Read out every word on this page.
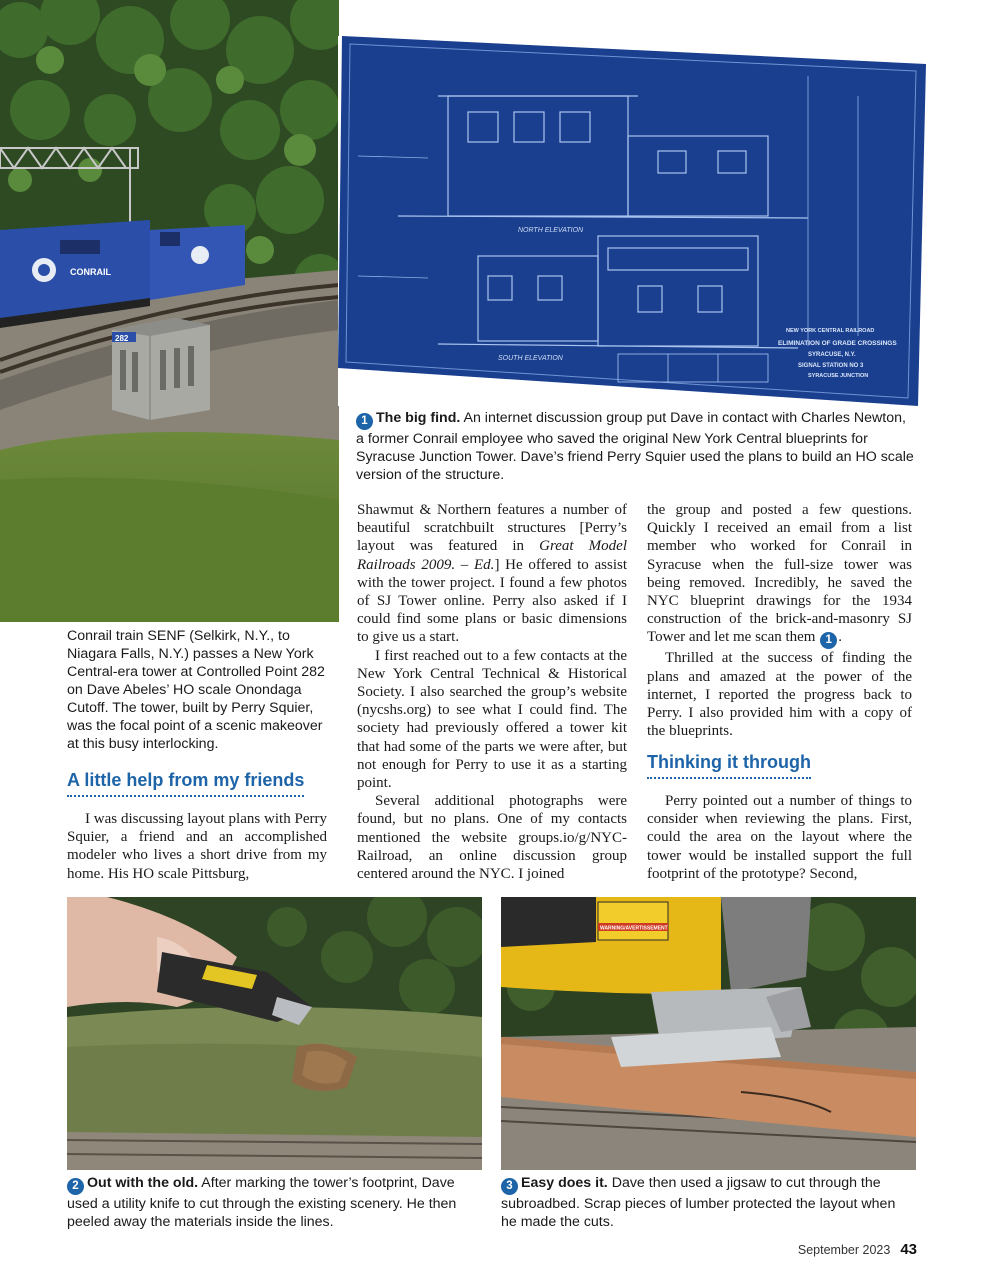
CONRAIL
282
NORTH ELEVATION
SOUTH ELEVATION
NEW YORK CENTRAL RAILROAD
ELIMINATION OF GRADE CROSSINGS
SYRACUSE, N.Y.
SIGNAL STATION NO 3
SYRACUSE JUNCTION
WARNING/AVERTISSEMENT
1 The big find. An internet discussion group put Dave in contact with Charles Newton, a former Conrail employee who saved the original New York Central blueprints for Syracuse Junction Tower. Dave’s friend Perry Squier used the plans to build an HO scale version of the structure.
Conrail train SENF (Selkirk, N.Y., to Niagara Falls, N.Y.) passes a New York Central-era tower at Controlled Point 282 on Dave Abeles’ HO scale Onondaga Cutoff. The tower, built by Perry Squier, was the focal point of a scenic makeover at this busy interlocking.
A little help from my friends

I was discussing layout plans with Perry Squier, a friend and an accomplished modeler who lives a short drive from my home. His HO scale Pittsburg,

Shawmut & Northern features a number of beautiful scratchbuilt structures [Perry’s layout was featured in Great Model Railroads 2009. – Ed.] He offered to assist with the tower project. I found a few photos of SJ Tower online. Perry also asked if I could find some plans or basic dimensions to give us a start.

I first reached out to a few contacts at the New York Central Technical & Historical Society. I also searched the group’s website (nycshs.org) to see what I could find. The society had previously offered a tower kit that had some of the parts we were after, but not enough for Perry to use it as a starting point.

Several additional photographs were found, but no plans. One of my contacts mentioned the website groups.io/g/NYC-Railroad, an online discussion group centered around the NYC. I joined

the group and posted a few questions. Quickly I received an email from a list member who worked for Conrail in Syracuse when the full-size tower was being removed. Incredibly, he saved the NYC blueprint drawings for the 1934 construction of the brick-and-masonry SJ Tower and let me scan them 1 .

Thrilled at the success of finding the plans and amazed at the power of the internet, I reported the progress back to Perry. I also provided him with a copy of the blueprints.

Thinking it through

Perry pointed out a number of things to consider when reviewing the plans. First, could the area on the layout where the tower would be installed support the full footprint of the prototype? Second,

2 Out with the old. After marking the tower’s footprint, Dave used a utility knife to cut through the existing scenery. He then peeled away the materials inside the lines.
3 Easy does it. Dave then used a jigsaw to cut through the subroadbed. Scrap pieces of lumber protected the layout when he made the cuts.
September 2023 43
